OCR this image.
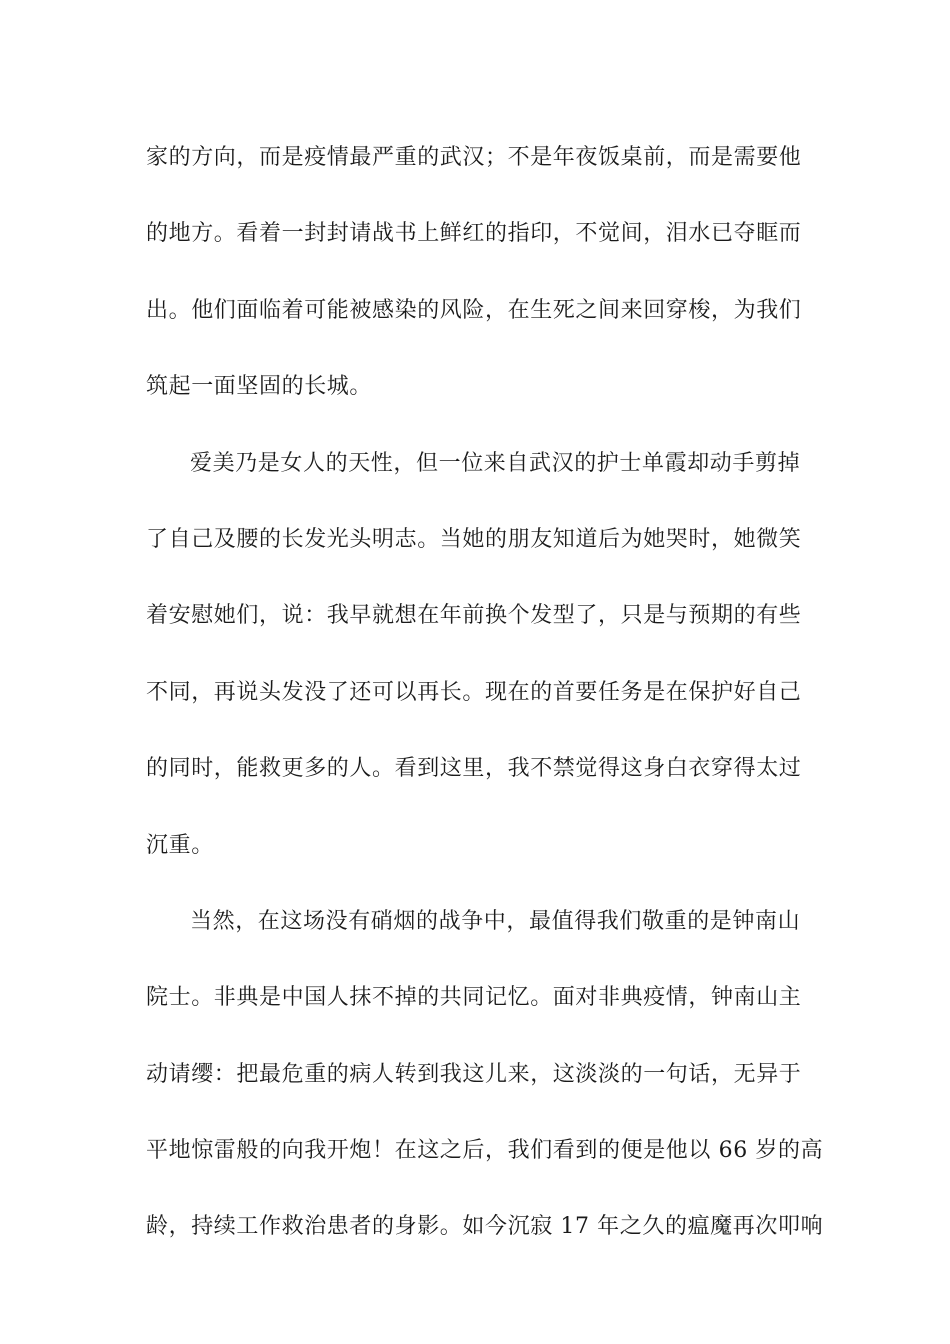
家的方向，而是疫情最严重的武汉；不是年夜饭桌前，而是需要他
的地方。看着一封封请战书上鲜红的指印，不觉间，泪水已夺眶而
出。他们面临着可能被感染的风险，在生死之间来回穿梭，为我们
筑起一面坚固的长城。
爱美乃是女人的天性，但一位来自武汉的护士单霞却动手剪掉
了自己及腰的长发光头明志。当她的朋友知道后为她哭时，她微笑
着安慰她们，说：我早就想在年前换个发型了，只是与预期的有些
不同，再说头发没了还可以再长。现在的首要任务是在保护好自己
的同时，能救更多的人。看到这里，我不禁觉得这身白衣穿得太过
沉重。
当然，在这场没有硝烟的战争中，最值得我们敬重的是钟南山
院士。非典是中国人抹不掉的共同记忆。面对非典疫情，钟南山主
动请缨：把最危重的病人转到我这儿来，这淡淡的一句话，无异于
平地惊雷般的向我开炮！在这之后，我们看到的便是他以 66 岁的高
龄，持续工作救治患者的身影。如今沉寂 17 年之久的瘟魔再次叩响
